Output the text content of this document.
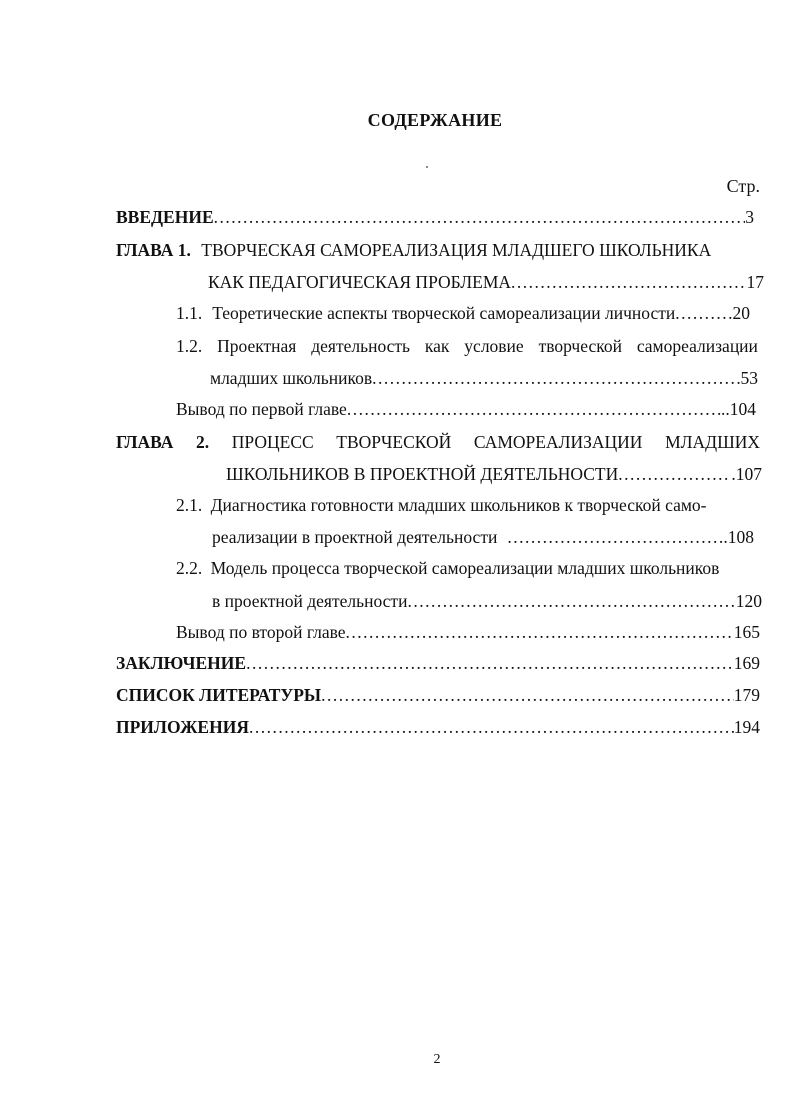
СОДЕРЖАНИЕ
Стр.
ВВЕДЕНИЕ .....	3
ГЛАВА 1. ТВОРЧЕСКАЯ САМОРЕАЛИЗАЦИЯ МЛАДШЕГО ШКОЛЬНИКА
КАК ПЕДАГОГИЧЕСКАЯ ПРОБЛЕМА .....	17
1.1. Теоретические аспекты творческой самореализации личности .....	20
1.2. Проектная деятельность как условие творческой самореализации
младших школьников .....	53
Вывод по первой главе .....	..104
ГЛАВА 2. ПРОЦЕСС ТВОРЧЕСКОЙ САМОРЕАЛИЗАЦИИ МЛАДШИХ
ШКОЛЬНИКОВ В ПРОЕКТНОЙ ДЕЯТЕЛЬНОСТИ .....	.107
2.1. Диагностика готовности младших школьников к творческой само-
реализации в проектной деятельности .....	.108
2.2. Модель процесса творческой самореализации младших школьников
в проектной деятельности .....	120
Вывод по второй главе .....	165
ЗАКЛЮЧЕНИЕ .....	169
СПИСОК ЛИТЕРАТУРЫ .....	179
ПРИЛОЖЕНИЯ .....	194
2
